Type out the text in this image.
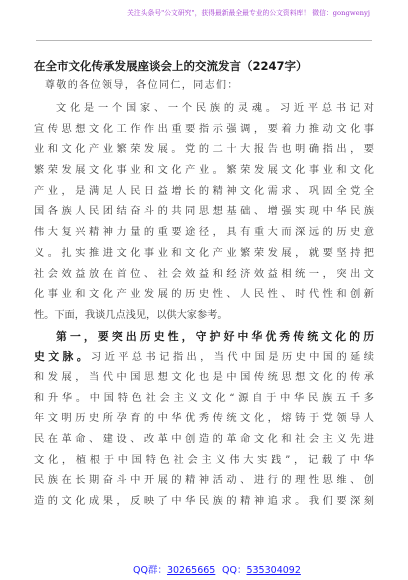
关注头条号"公文研究"，获得最新最全最专业的公文资料库！ 微信：gongwenyj
在全市文化传承发展座谈会上的交流发言（2247字）
尊敬的各位领导，各位同仁，同志们：
文化是一个国家、一个民族的灵魂。习近平总书记对
宣传思想文化工作作出重要指示强调，要着力推动文化事
业和文化产业繁荣发展。党的二十大报告也明确指出，要
繁荣发展文化事业和文化产业。繁荣发展文化事业和文化
产业，是满足人民日益增长的精神文化需求、巩固全党全
国各族人民团结奋斗的共同思想基础、增强实现中华民族
伟大复兴精神力量的重要途径，具有重大而深远的历史意
义。扎实推进文化事业和文化产业繁荣发展，就要坚持把
社会效益放在首位、社会效益和经济效益相统一，突出文
化事业和文化产业发展的历史性、人民性、时代性和创新
性。下面，我谈几点浅见，以供大家参考。
第一，要突出历史性，守护好中华优秀传统文化的历
史文脉。习近平总书记指出，当代中国是历史中国的延续
和发展，当代中国思想文化也是中国传统思想文化的传承
和升华。中国特色社会主义文化“源自于中华民族五千多
年文明历史所孕育的中华优秀传统文化，熔铸于党领导人
民在革命、建设、改革中创造的革命文化和社会主义先进
文化，植根于中国特色社会主义伟大实践”，记载了中华
民族在长期奋斗中开展的精神活动、进行的理性思维、创
造的文化成果，反映了中华民族的精神追求。我们要深刻
QQ群：30265665 QQ：535304092
